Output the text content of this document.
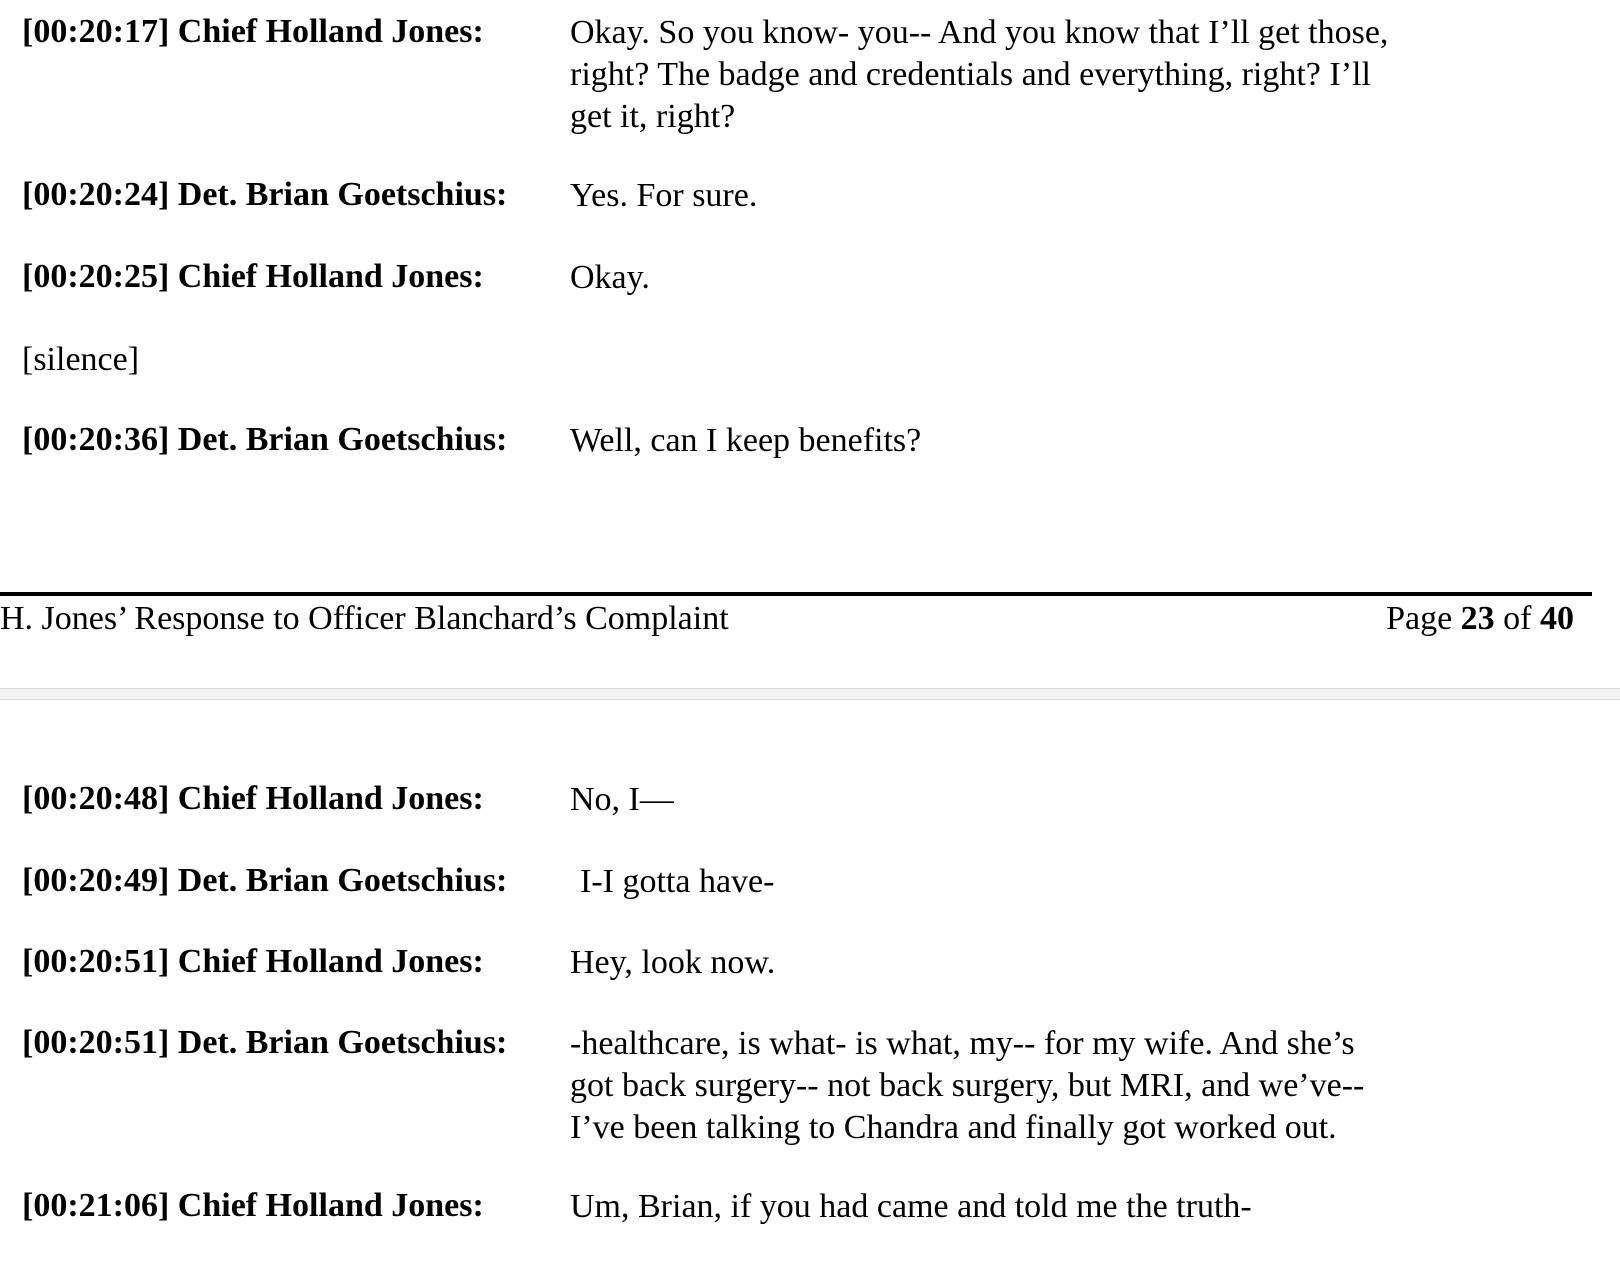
[00:20:17] Chief Holland Jones:	Okay. So you know- you-- And you know that I’ll get those,
right? The badge and credentials and everything, right? I’ll
get it, right?
[00:20:24] Det. Brian Goetschius: Yes. For sure.
[00:20:25] Chief Holland Jones:	Okay.
[silence]
[00:20:36] Det. Brian Goetschius: Well, can I keep benefits?
H. Jones’ Response to Officer Blanchard’s Complaint	Page 23 of 40
[00:20:48] Chief Holland Jones:	No, I—
[00:20:49] Det. Brian Goetschius: I-I gotta have-
[00:20:51] Chief Holland Jones:	Hey, look now.
[00:20:51] Det. Brian Goetschius: -healthcare, is what- is what, my-- for my wife. And she’s
got back surgery-- not back surgery, but MRI, and we’ve--
I’ve been talking to Chandra and finally got worked out.
[00:21:06] Chief Holland Jones:	Um, Brian, if you had came and told me the truth-
